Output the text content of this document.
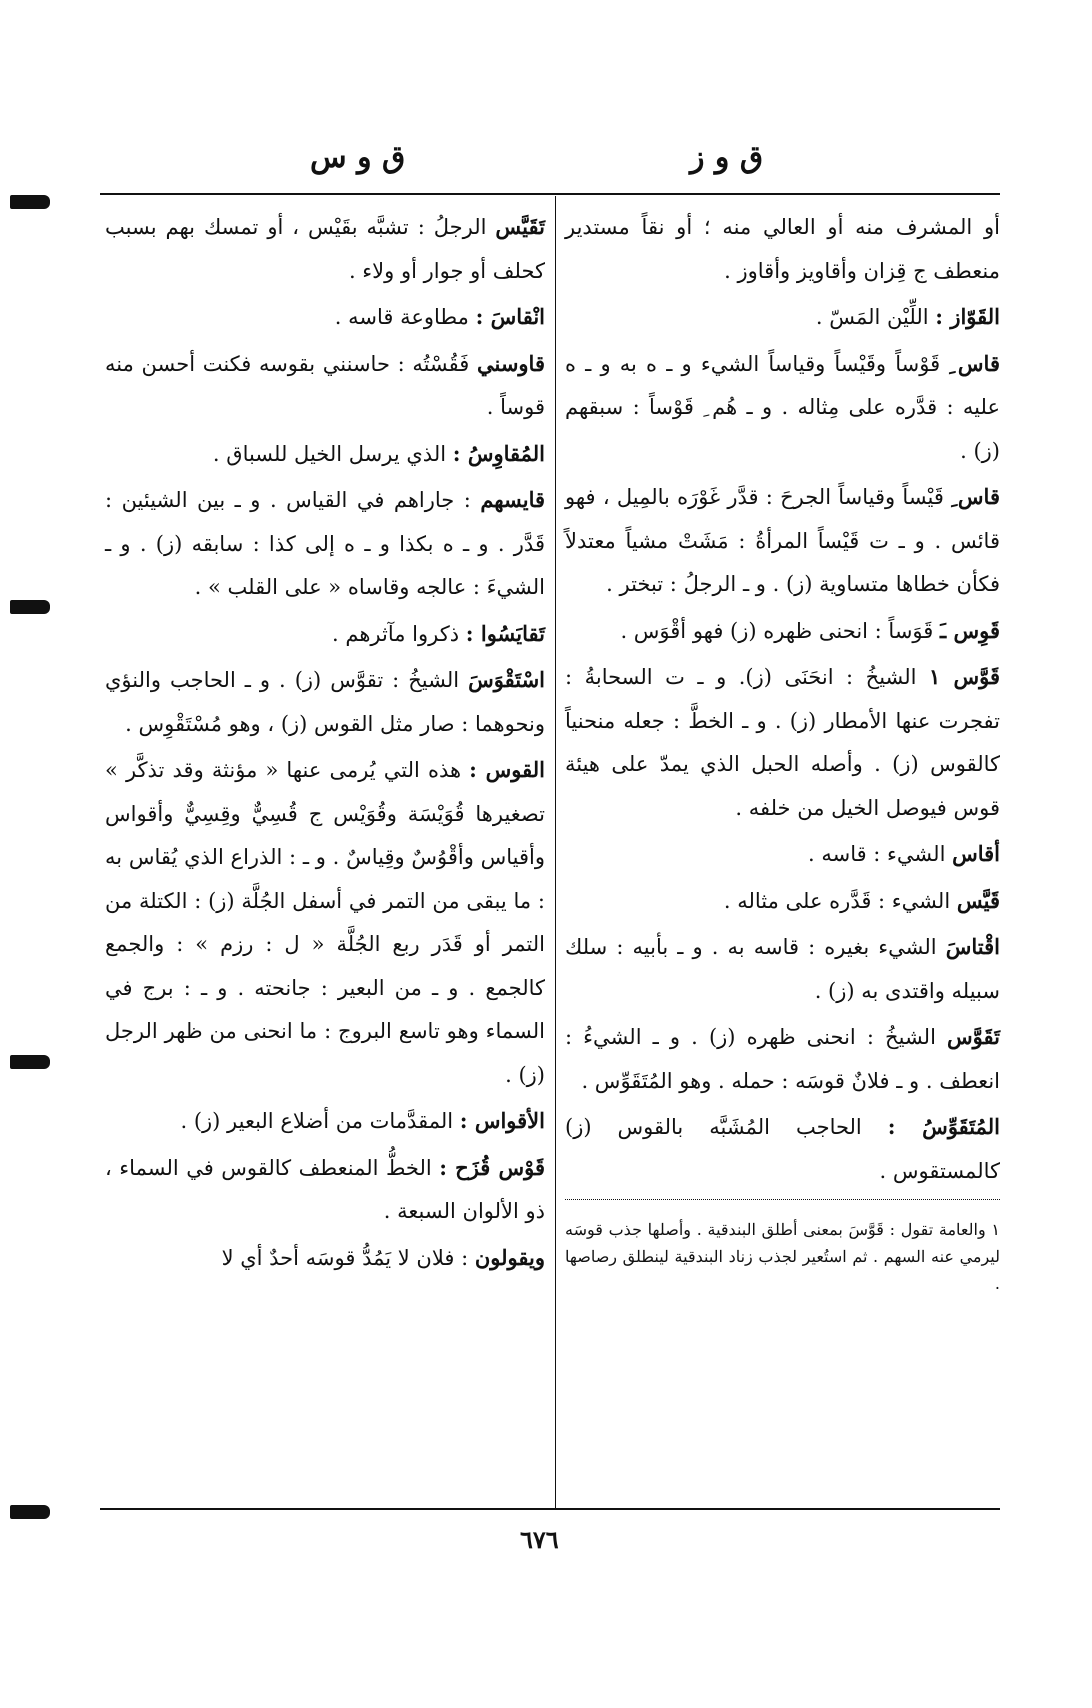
ق و س	ق و ز

أو المشرف منه أو العالي منه ؛ أو نقاً مستدير منعطف ج قِزان وأقاويز وأقاوز .

القَوّاز : اللِّيْن المَسّ .

قاس ِ قَوْساً وقَيْساً وقياساً الشيء و ـ ه به و ـ ه عليه : قدَّره على مِثاله . و ـ هُم ِ قَوْساً : سبقهم (ز) .

قاس ِ قَيْساً وقياساً الجرحَ : قدَّر غَوْرَه بالمِيل ، فهو قائس . و ـ ت قَيْساً المرأةُ : مَشَتْ مشياً معتدلاً فكأن خطاها متساوية (ز) . و ـ الرجلُ : تبختر .

قَوِس ـَ قَوَساً : انحنى ظهره (ز) فهو أقْوَس .

قَوَّس ١ الشيخُ : انحَنَى (ز). و ـ ت السحابةُ : تفجرت عنها الأمطار (ز) . و ـ الخطَّ : جعله منحنياً كالقوس (ز) . وأصله الحبل الذي يمدّ على هيئة قوس فيوصل الخيل من خلفه .

أقاس الشيء : قاسه .

قَيَّس الشيء : قَدَّره على مثاله .

اقْتاسَ الشيء بغيره : قاسه به . و ـ بأبيه : سلك سبيله واقتدى به (ز) .

تَقَوَّس الشيخُ : انحنى ظهره (ز) . و ـ الشيءُ : انعطف . و ـ فلانٌ قوسَه : حمله . وهو المُتَقَوِّس .

المُتَقَوِّسُ : الحاجب المُشَبَّه بالقوس (ز) كالمستقوس .

١ والعامة تقول : قَوَّسَ بمعنى أطلق البندقية . وأصلها جذب قوسَه ليرمي عنه السهم . ثم استُعير لجذب زناد البندقية لينطلق رصاصها .

تَقَيَّس الرجلُ : تشبَّه بقَيْس ، أو تمسك بهم بسبب كحلف أو جوار أو ولاء .

انْقاسَ : مطاوعة قاسه .

قاوسني فَقُسْتُه : حاسنني بقوسه فكنت أحسن منه قوساً .

المُقاوِسُ : الذي يرسل الخيل للسباق .

قايسهم : جاراهم في القياس . و ـ بين الشيئين : قَدَّر . و ـ ه بكذا و ـ ه إلى كذا : سابقه (ز) . و ـ الشيءَ : عالجه وقاساه « على القلب » .

تَقايَسُوا : ذكروا مآثرهم .

اسْتَقْوَسَ الشيخُ : تقوَّس (ز) . و ـ الحاجب والنؤي ونحوهما : صار مثل القوس (ز) ، وهو مُسْتَقْوِس .

القوس : هذه التي يُرمى عنها « مؤنثة وقد تذكَّر » تصغيرها قُوَيْسَة وقُوَيْس ج قُسِيٌّ وقِسِيٌّ وأقواس وأقياس وأقْوُسٌ وقِياسٌ . و ـ : الذراع الذي يُقاس به : ما يبقى من التمر في أسفل الجُلَّة (ز) : الكتلة من التمر أو قَدَر ربع الجُلَّة « ل : رزم » : والجمع كالجمع . و ـ من البعير : جانحته . و ـ : برج في السماء وهو تاسع البروج : ما انحنى من ظهر الرجل (ز) .

الأقواس : المقدَّمات من أضلاع البعير (ز) .

قَوْس قُزَح : الخطُّ المنعطف كالقوس في السماء ، ذو الألوان السبعة .

ويقولون : فلان لا يَمُدُّ قوسَه أحدٌ أي لا

٦٧٦
